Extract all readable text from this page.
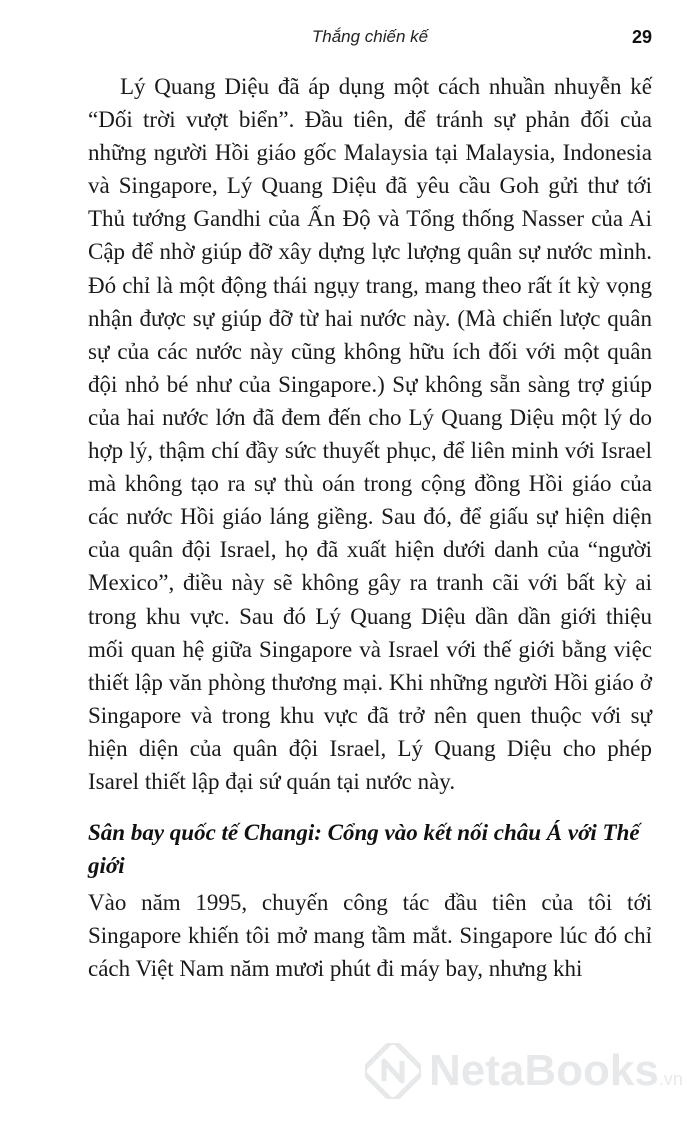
Thắng chiến kế	29

Lý Quang Diệu đã áp dụng một cách nhuần nhuyễn kế “Dối trời vượt biển”. Đầu tiên, để tránh sự phản đối của những người Hồi giáo gốc Malaysia tại Malaysia, Indonesia và Singapore, Lý Quang Diệu đã yêu cầu Goh gửi thư tới Thủ tướng Gandhi của Ấn Độ và Tổng thống Nasser của Ai Cập để nhờ giúp đỡ xây dựng lực lượng quân sự nước mình. Đó chỉ là một động thái ngụy trang, mang theo rất ít kỳ vọng nhận được sự giúp đỡ từ hai nước này. (Mà chiến lược quân sự của các nước này cũng không hữu ích đối với một quân đội nhỏ bé như của Singapore.) Sự không sẵn sàng trợ giúp của hai nước lớn đã đem đến cho Lý Quang Diệu một lý do hợp lý, thậm chí đầy sức thuyết phục, để liên minh với Israel mà không tạo ra sự thù oán trong cộng đồng Hồi giáo của các nước Hồi giáo láng giềng. Sau đó, để giấu sự hiện diện của quân đội Israel, họ đã xuất hiện dưới danh của “người Mexico”, điều này sẽ không gây ra tranh cãi với bất kỳ ai trong khu vực. Sau đó Lý Quang Diệu dần dần giới thiệu mối quan hệ giữa Singapore và Israel với thế giới bằng việc thiết lập văn phòng thương mại. Khi những người Hồi giáo ở Singapore và trong khu vực đã trở nên quen thuộc với sự hiện diện của quân đội Israel, Lý Quang Diệu cho phép Isarel thiết lập đại sứ quán tại nước này.

Sân bay quốc tế Changi: Cổng vào kết nối châu Á với Thế giới

Vào năm 1995, chuyến công tác đầu tiên của tôi tới Singapore khiến tôi mở mang tầm mắt. Singapore lúc đó chỉ cách Việt Nam năm mươi phút đi máy bay, nhưng khi

NetaBooks.vn
